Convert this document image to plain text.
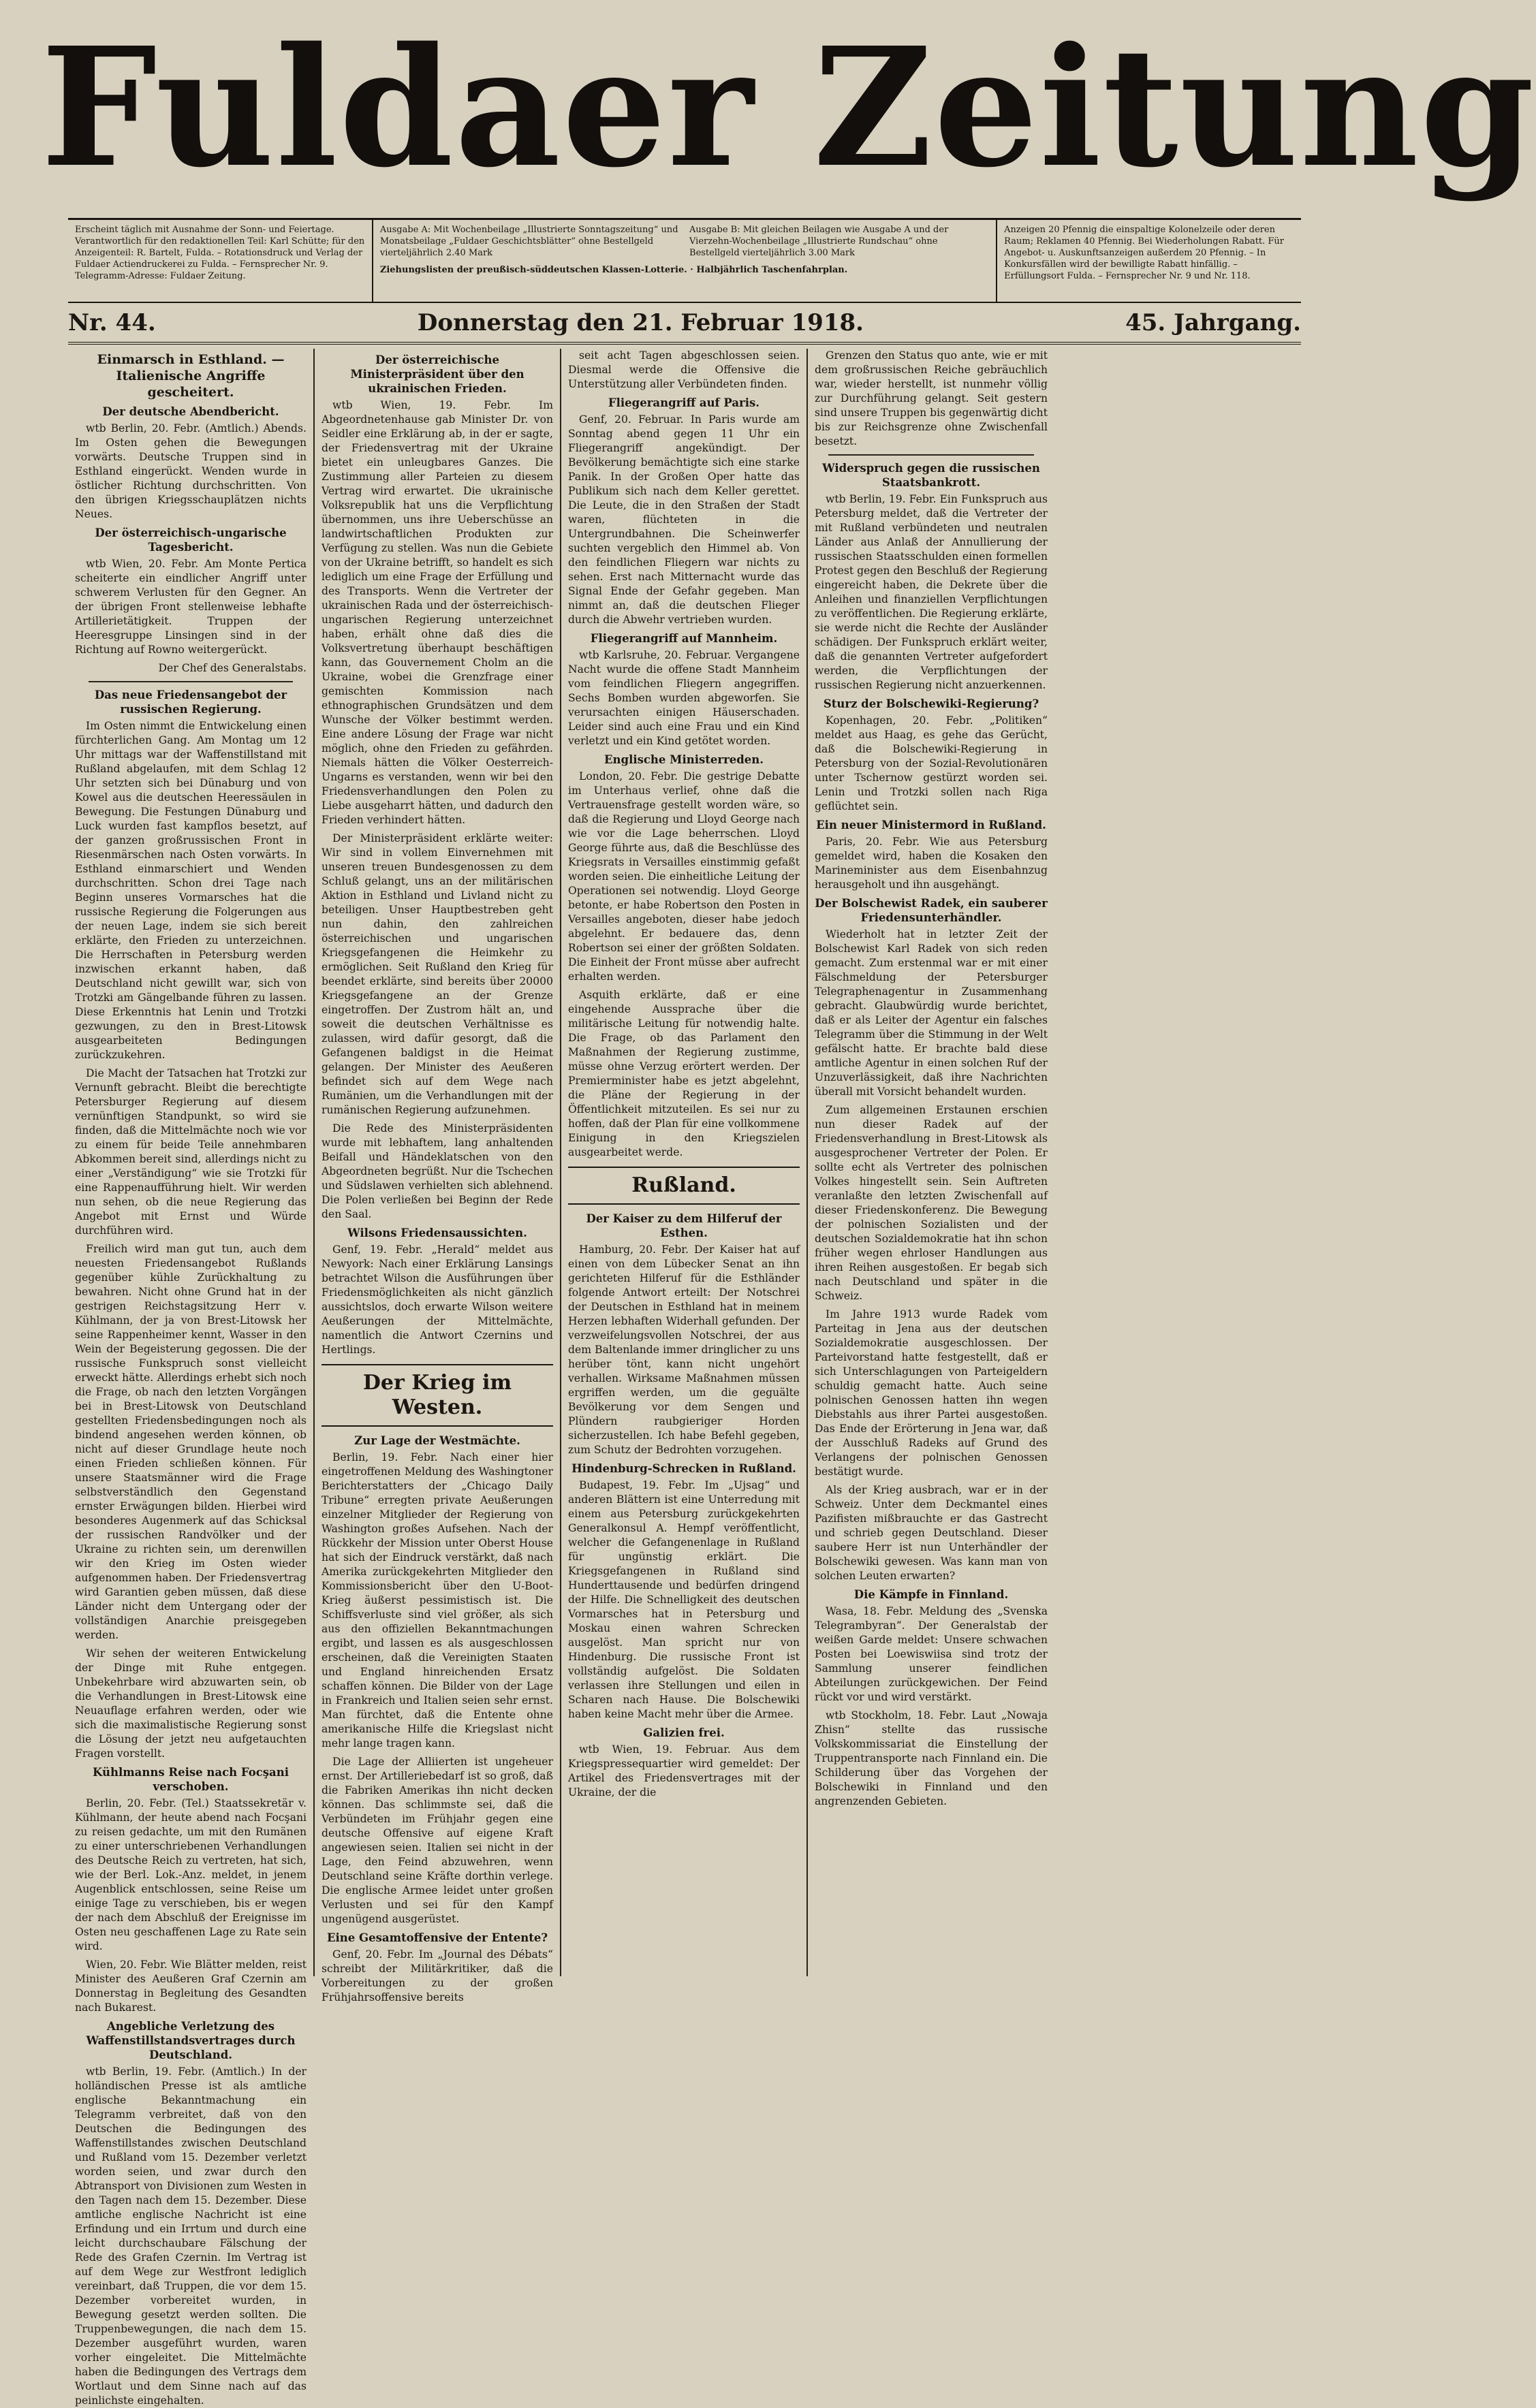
Fuldaer Zeitung
Erscheint täglich mit Ausnahme der Sonn- und Feiertage. Verantwortlich für den redaktionellen Teil: Karl Schütte; für den Anzeigenteil: R. Bartelt, Fulda. – Rotationsdruck und Verlag der Fuldaer Actiendruckerei zu Fulda. – Fernsprecher Nr. 9. Telegramm-Adresse: Fuldaer Zeitung.
Ausgabe A: Mit Wochenbeilage „Illustrierte Sonntagszeitung“ und Monatsbeilage „Fuldaer Geschichtsblätter“ ohne Bestellgeld vierteljährlich 2.40 Mark
Ausgabe B: Mit gleichen Beilagen wie Ausgabe A und der Vierzehn-Wochenbeilage „Illustrierte Rundschau“ ohne Bestellgeld vierteljährlich 3.00 Mark
Ziehungslisten der preußisch-süddeutschen Klassen-Lotterie. · Halbjährlich Taschenfahrplan.
Anzeigen 20 Pfennig die einspaltige Kolonelzeile oder deren Raum; Reklamen 40 Pfennig. Bei Wiederholungen Rabatt. Für Angebot- u. Auskunftsanzeigen außerdem 20 Pfennig. – In Konkursfällen wird der bewilligte Rabatt hinfällig. – Erfüllungsort Fulda. – Fernsprecher Nr. 9 und Nr. 118.
Nr. 44.	Donnerstag den 21. Februar 1918.	45. Jahrgang.
Einmarsch in Esthland. — Italienische Angriffe gescheitert.
Der deutsche Abendbericht.

wtb Berlin, 20. Febr. (Amtlich.) Abends. Im Osten gehen die Bewegungen vorwärts. Deutsche Truppen sind in Esthland eingerückt. Wenden wurde in östlicher Richtung durchschritten. Von den übrigen Kriegsschauplätzen nichts Neues.

Der österreichisch-ungarische Tagesbericht.

wtb Wien, 20. Febr. Am Monte Pertica scheiterte ein eindlicher Angriff unter schwerem Verlusten für den Gegner. An der übrigen Front stellenweise lebhafte Artillerietätigkeit. Truppen der Heeresgruppe Linsingen sind in der Richtung auf Rowno weitergerückt.

Der Chef des Generalstabs.

Das neue Friedensangebot der russischen Regierung.

Im Osten nimmt die Entwickelung einen fürchterlichen Gang. Am Montag um 12 Uhr mittags war der Waffenstillstand mit Rußland abgelaufen, mit dem Schlag 12 Uhr setzten sich bei Dünaburg und von Kowel aus die deutschen Heeressäulen in Bewegung. Die Festungen Dünaburg und Luck wurden fast kampflos besetzt, auf der ganzen großrussischen Front in Riesenmärschen nach Osten vorwärts. In Esthland einmarschiert und Wenden durchschritten. Schon drei Tage nach Beginn unseres Vormarsches hat die russische Regierung die Folgerungen aus der neuen Lage, indem sie sich bereit erklärte, den Frieden zu unterzeichnen. Die Herrschaften in Petersburg werden inzwischen erkannt haben, daß Deutschland nicht gewillt war, sich von Trotzki am Gängelbande führen zu lassen. Diese Erkenntnis hat Lenin und Trotzki gezwungen, zu den in Brest-Litowsk ausgearbeiteten Bedingungen zurückzukehren.

Die Macht der Tatsachen hat Trotzki zur Vernunft gebracht. Bleibt die berechtigte Petersburger Regierung auf diesem vernünftigen Standpunkt, so wird sie finden, daß die Mittelmächte noch wie vor zu einem für beide Teile annehmbaren Abkommen bereit sind, allerdings nicht zu einer „Verständigung“ wie sie Trotzki für eine Rappenaufführung hielt. Wir werden nun sehen, ob die neue Regierung das Angebot mit Ernst und Würde durchführen wird.

Freilich wird man gut tun, auch dem neuesten Friedensangebot Rußlands gegenüber kühle Zurückhaltung zu bewahren. Nicht ohne Grund hat in der gestrigen Reichstagsitzung Herr v. Kühlmann, der ja von Brest-Litowsk her seine Rappenheimer kennt, Wasser in den Wein der Begeisterung gegossen. Die der russische Funkspruch sonst vielleicht erweckt hätte. Allerdings erhebt sich noch die Frage, ob nach den letzten Vorgängen bei in Brest-Litowsk von Deutschland gestellten Friedensbedingungen noch als bindend angesehen werden können, ob nicht auf dieser Grundlage heute noch einen Frieden schließen können. Für unsere Staatsmänner wird die Frage selbstverständlich den Gegenstand ernster Erwägungen bilden. Hierbei wird besonderes Augenmerk auf das Schicksal der russischen Randvölker und der Ukraine zu richten sein, um derenwillen wir den Krieg im Osten wieder aufgenommen haben. Der Friedensvertrag wird Garantien geben müssen, daß diese Länder nicht dem Untergang oder der vollständigen Anarchie preisgegeben werden.

Wir sehen der weiteren Entwickelung der Dinge mit Ruhe entgegen. Unbekehrbare wird abzuwarten sein, ob die Verhandlungen in Brest-Litowsk eine Neuauflage erfahren werden, oder wie sich die maximalistische Regierung sonst die Lösung der jetzt neu aufgetauchten Fragen vorstellt.

Kühlmanns Reise nach Focşani verschoben.

Berlin, 20. Febr. (Tel.) Staatssekretär v. Kühlmann, der heute abend nach Focşani zu reisen gedachte, um mit den Rumänen zu einer unterschriebenen Verhandlungen des Deutsche Reich zu vertreten, hat sich, wie der Berl. Lok.-Anz. meldet, in jenem Augenblick entschlossen, seine Reise um einige Tage zu verschieben, bis er wegen der nach dem Abschluß der Ereignisse im Osten neu geschaffenen Lage zu Rate sein wird.

Wien, 20. Febr. Wie Blätter melden, reist Minister des Aeußeren Graf Czernin am Donnerstag in Begleitung des Gesandten nach Bukarest.

Angebliche Verletzung des Waffenstillstandsvertrages durch Deutschland.

wtb Berlin, 19. Febr. (Amtlich.) In der holländischen Presse ist als amtliche englische Bekanntmachung ein Telegramm verbreitet, daß von den Deutschen die Bedingungen des Waffenstillstandes zwischen Deutschland und Rußland vom 15. Dezember verletzt worden seien, und zwar durch den Abtransport von Divisionen zum Westen in den Tagen nach dem 15. Dezember. Diese amtliche englische Nachricht ist eine Erfindung und ein Irrtum und durch eine leicht durchschaubare Fälschung der Rede des Grafen Czernin. Im Vertrag ist auf dem Wege zur Westfront lediglich vereinbart, daß Truppen, die vor dem 15. Dezember vorbereitet wurden, in Bewegung gesetzt werden sollten. Die Truppenbewegungen, die nach dem 15. Dezember ausgeführt wurden, waren vorher eingeleitet. Die Mittelmächte haben die Bedingungen des Vertrags dem Wortlaut und dem Sinne nach auf das peinlichste eingehalten.

Der österreichische Ministerpräsident über den ukrainischen Frieden.

wtb Wien, 19. Febr. Im Abgeordnetenhause gab Minister Dr. von Seidler eine Erklärung ab, in der er sagte, der Friedensvertrag mit der Ukraine bietet ein unleugbares Ganzes. Die Zustimmung aller Parteien zu diesem Vertrag wird erwartet. Die ukrainische Volksrepublik hat uns die Verpflichtung übernommen, uns ihre Ueberschüsse an landwirtschaftlichen Produkten zur Verfügung zu stellen. Was nun die Gebiete von der Ukraine betrifft, so handelt es sich lediglich um eine Frage der Erfüllung und des Transports. Wenn die Vertreter der ukrainischen Rada und der österreichisch-ungarischen Regierung unterzeichnet haben, erhält ohne daß dies die Volksvertretung überhaupt beschäftigen kann, das Gouvernement Cholm an die Ukraine, wobei die Grenzfrage einer gemischten Kommission nach ethnographischen Grundsätzen und dem Wunsche der Völker bestimmt werden. Eine andere Lösung der Frage war nicht möglich, ohne den Frieden zu gefährden. Niemals hätten die Völker Oesterreich-Ungarns es verstanden, wenn wir bei den Friedensverhandlungen den Polen zu Liebe ausgeharrt hätten, und dadurch den Frieden verhindert hätten.

Der Ministerpräsident erklärte weiter: Wir sind in vollem Einvernehmen mit unseren treuen Bundesgenossen zu dem Schluß gelangt, uns an der militärischen Aktion in Esthland und Livland nicht zu beteiligen. Unser Hauptbestreben geht nun dahin, den zahlreichen österreichischen und ungarischen Kriegsgefangenen die Heimkehr zu ermöglichen. Seit Rußland den Krieg für beendet erklärte, sind bereits über 20000 Kriegsgefangene an der Grenze eingetroffen. Der Zustrom hält an, und soweit die deutschen Verhältnisse es zulassen, wird dafür gesorgt, daß die Gefangenen baldigst in die Heimat gelangen. Der Minister des Aeußeren befindet sich auf dem Wege nach Rumänien, um die Verhandlungen mit der rumänischen Regierung aufzunehmen.

Die Rede des Ministerpräsidenten wurde mit lebhaftem, lang anhaltenden Beifall und Händeklatschen von den Abgeordneten begrüßt. Nur die Tschechen und Südslawen verhielten sich ablehnend. Die Polen verließen bei Beginn der Rede den Saal.

Wilsons Friedensaussichten.

Genf, 19. Febr. „Herald“ meldet aus Newyork: Nach einer Erklärung Lansings betrachtet Wilson die Ausführungen über Friedensmöglichkeiten als nicht gänzlich aussichtslos, doch erwarte Wilson weitere Aeußerungen der Mittelmächte, namentlich die Antwort Czernins und Hertlings.

Der Krieg im Westen.
Zur Lage der Westmächte.

Berlin, 19. Febr. Nach einer hier eingetroffenen Meldung des Washingtoner Berichterstatters der „Chicago Daily Tribune“ erregten private Aeußerungen einzelner Mitglieder der Regierung von Washington großes Aufsehen. Nach der Rückkehr der Mission unter Oberst House hat sich der Eindruck verstärkt, daß nach Amerika zurückgekehrten Mitglieder den Kommissionsbericht über den U-Boot-Krieg äußerst pessimistisch ist. Die Schiffsverluste sind viel größer, als sich aus den offiziellen Bekanntmachungen ergibt, und lassen es als ausgeschlossen erscheinen, daß die Vereinigten Staaten und England hinreichenden Ersatz schaffen können. Die Bilder von der Lage in Frankreich und Italien seien sehr ernst. Man fürchtet, daß die Entente ohne amerikanische Hilfe die Kriegslast nicht mehr lange tragen kann.

Die Lage der Alliierten ist ungeheuer ernst. Der Artilleriebedarf ist so groß, daß die Fabriken Amerikas ihn nicht decken können. Das schlimmste sei, daß die Verbündeten im Frühjahr gegen eine deutsche Offensive auf eigene Kraft angewiesen seien. Italien sei nicht in der Lage, den Feind abzuwehren, wenn Deutschland seine Kräfte dorthin verlege. Die englische Armee leidet unter großen Verlusten und sei für den Kampf ungenügend ausgerüstet.

Eine Gesamtoffensive der Entente?

Genf, 20. Febr. Im „Journal des Débats“ schreibt der Militärkritiker, daß die Vorbereitungen zu der großen Frühjahrsoffensive bereits

seit acht Tagen abgeschlossen seien. Diesmal werde die Offensive die Unterstützung aller Verbündeten finden.

Fliegerangriff auf Paris.

Genf, 20. Februar. In Paris wurde am Sonntag abend gegen 11 Uhr ein Fliegerangriff angekündigt. Der Bevölkerung bemächtigte sich eine starke Panik. In der Großen Oper hatte das Publikum sich nach dem Keller gerettet. Die Leute, die in den Straßen der Stadt waren, flüchteten in die Untergrundbahnen. Die Scheinwerfer suchten vergeblich den Himmel ab. Von den feindlichen Fliegern war nichts zu sehen. Erst nach Mitternacht wurde das Signal Ende der Gefahr gegeben. Man nimmt an, daß die deutschen Flieger durch die Abwehr vertrieben wurden.

Fliegerangriff auf Mannheim.

wtb Karlsruhe, 20. Februar. Vergangene Nacht wurde die offene Stadt Mannheim vom feindlichen Fliegern angegriffen. Sechs Bomben wurden abgeworfen. Sie verursachten einigen Häuserschaden. Leider sind auch eine Frau und ein Kind verletzt und ein Kind getötet worden.

Englische Ministerreden.

London, 20. Febr. Die gestrige Debatte im Unterhaus verlief, ohne daß die Vertrauensfrage gestellt worden wäre, so daß die Regierung und Lloyd George nach wie vor die Lage beherrschen. Lloyd George führte aus, daß die Beschlüsse des Kriegsrats in Versailles einstimmig gefaßt worden seien. Die einheitliche Leitung der Operationen sei notwendig. Lloyd George betonte, er habe Robertson den Posten in Versailles angeboten, dieser habe jedoch abgelehnt. Er bedauere das, denn Robertson sei einer der größten Soldaten. Die Einheit der Front müsse aber aufrecht erhalten werden.

Asquith erklärte, daß er eine eingehende Aussprache über die militärische Leitung für notwendig halte. Die Frage, ob das Parlament den Maßnahmen der Regierung zustimme, müsse ohne Verzug erörtert werden. Der Premierminister habe es jetzt abgelehnt, die Pläne der Regierung in der Öffentlichkeit mitzuteilen. Es sei nur zu hoffen, daß der Plan für eine vollkommene Einigung in den Kriegszielen ausgearbeitet werde.

Rußland.
Der Kaiser zu dem Hilferuf der Esthen.

Hamburg, 20. Febr. Der Kaiser hat auf einen von dem Lübecker Senat an ihn gerichteten Hilferuf für die Esthländer folgende Antwort erteilt: Der Notschrei der Deutschen in Esthland hat in meinem Herzen lebhaften Widerhall gefunden. Der verzweifelungsvollen Notschrei, der aus dem Baltenlande immer dringlicher zu uns herüber tönt, kann nicht ungehört verhallen. Wirksame Maßnahmen müssen ergriffen werden, um die geguälte Bevölkerung vor dem Sengen und Plündern raubgieriger Horden sicherzustellen. Ich habe Befehl gegeben, zum Schutz der Bedrohten vorzugehen.

Hindenburg-Schrecken in Rußland.

Budapest, 19. Febr. Im „Ujsag“ und anderen Blättern ist eine Unterredung mit einem aus Petersburg zurückgekehrten Generalkonsul A. Hempf veröffentlicht, welcher die Gefangenenlage in Rußland für ungünstig erklärt. Die Kriegsgefangenen in Rußland sind Hunderttausende und bedürfen dringend der Hilfe. Die Schnelligkeit des deutschen Vormarsches hat in Petersburg und Moskau einen wahren Schrecken ausgelöst. Man spricht nur von Hindenburg. Die russische Front ist vollständig aufgelöst. Die Soldaten verlassen ihre Stellungen und eilen in Scharen nach Hause. Die Bolschewiki haben keine Macht mehr über die Armee.

Galizien frei.

wtb Wien, 19. Februar. Aus dem Kriegspressequartier wird gemeldet: Der Artikel des Friedensvertrages mit der Ukraine, der die

Grenzen den Status quo ante, wie er mit dem großrussischen Reiche gebräuchlich war, wieder herstellt, ist nunmehr völlig zur Durchführung gelangt. Seit gestern sind unsere Truppen bis gegenwärtig dicht bis zur Reichsgrenze ohne Zwischenfall besetzt.

Widerspruch gegen die russischen Staatsbankrott.

wtb Berlin, 19. Febr. Ein Funkspruch aus Petersburg meldet, daß die Vertreter der mit Rußland verbündeten und neutralen Länder aus Anlaß der Annullierung der russischen Staatsschulden einen formellen Protest gegen den Beschluß der Regierung eingereicht haben, die Dekrete über die Anleihen und finanziellen Verpflichtungen zu veröffentlichen. Die Regierung erklärte, sie werde nicht die Rechte der Ausländer schädigen. Der Funkspruch erklärt weiter, daß die genannten Vertreter aufgefordert werden, die Verpflichtungen der russischen Regierung nicht anzuerkennen.

Sturz der Bolschewiki-Regierung?

Kopenhagen, 20. Febr. „Politiken“ meldet aus Haag, es gehe das Gerücht, daß die Bolschewiki-Regierung in Petersburg von der Sozial-Revolutionären unter Tschernow gestürzt worden sei. Lenin und Trotzki sollen nach Riga geflüchtet sein.

Ein neuer Ministermord in Rußland.

Paris, 20. Febr. Wie aus Petersburg gemeldet wird, haben die Kosaken den Marineminister aus dem Eisenbahnzug herausgeholt und ihn ausgehängt.

Der Bolschewist Radek, ein sauberer Friedensunterhändler.

Wiederholt hat in letzter Zeit der Bolschewist Karl Radek von sich reden gemacht. Zum erstenmal war er mit einer Fälschmeldung der Petersburger Telegraphenagentur in Zusammenhang gebracht. Glaubwürdig wurde berichtet, daß er als Leiter der Agentur ein falsches Telegramm über die Stimmung in der Welt gefälscht hatte. Er brachte bald diese amtliche Agentur in einen solchen Ruf der Unzuverlässigkeit, daß ihre Nachrichten überall mit Vorsicht behandelt wurden.

Zum allgemeinen Erstaunen erschien nun dieser Radek auf der Friedensverhandlung in Brest-Litowsk als ausgesprochener Vertreter der Polen. Er sollte echt als Vertreter des polnischen Volkes hingestellt sein. Sein Auftreten veranlaßte den letzten Zwischenfall auf dieser Friedenskonferenz. Die Bewegung der polnischen Sozialisten und der deutschen Sozialdemokratie hat ihn schon früher wegen ehrloser Handlungen aus ihren Reihen ausgestoßen. Er begab sich nach Deutschland und später in die Schweiz.

Im Jahre 1913 wurde Radek vom Parteitag in Jena aus der deutschen Sozialdemokratie ausgeschlossen. Der Parteivorstand hatte festgestellt, daß er sich Unterschlagungen von Parteigeldern schuldig gemacht hatte. Auch seine polnischen Genossen hatten ihn wegen Diebstahls aus ihrer Partei ausgestoßen. Das Ende der Erörterung in Jena war, daß der Ausschluß Radeks auf Grund des Verlangens der polnischen Genossen bestätigt wurde.

Als der Krieg ausbrach, war er in der Schweiz. Unter dem Deckmantel eines Pazifisten mißbrauchte er das Gastrecht und schrieb gegen Deutschland. Dieser saubere Herr ist nun Unterhändler der Bolschewiki gewesen. Was kann man von solchen Leuten erwarten?

Die Kämpfe in Finnland.

Wasa, 18. Febr. Meldung des „Svenska Telegrambyran“. Der Generalstab der weißen Garde meldet: Unsere schwachen Posten bei Loewiswiisa sind trotz der Sammlung unserer feindlichen Abteilungen zurückgewichen. Der Feind rückt vor und wird verstärkt.

wtb Stockholm, 18. Febr. Laut „Nowaja Zhisn“ stellte das russische Volkskommissariat die Einstellung der Truppentransporte nach Finnland ein. Die Schilderung über das Vorgehen der Bolschewiki in Finnland und den angrenzenden Gebieten.
